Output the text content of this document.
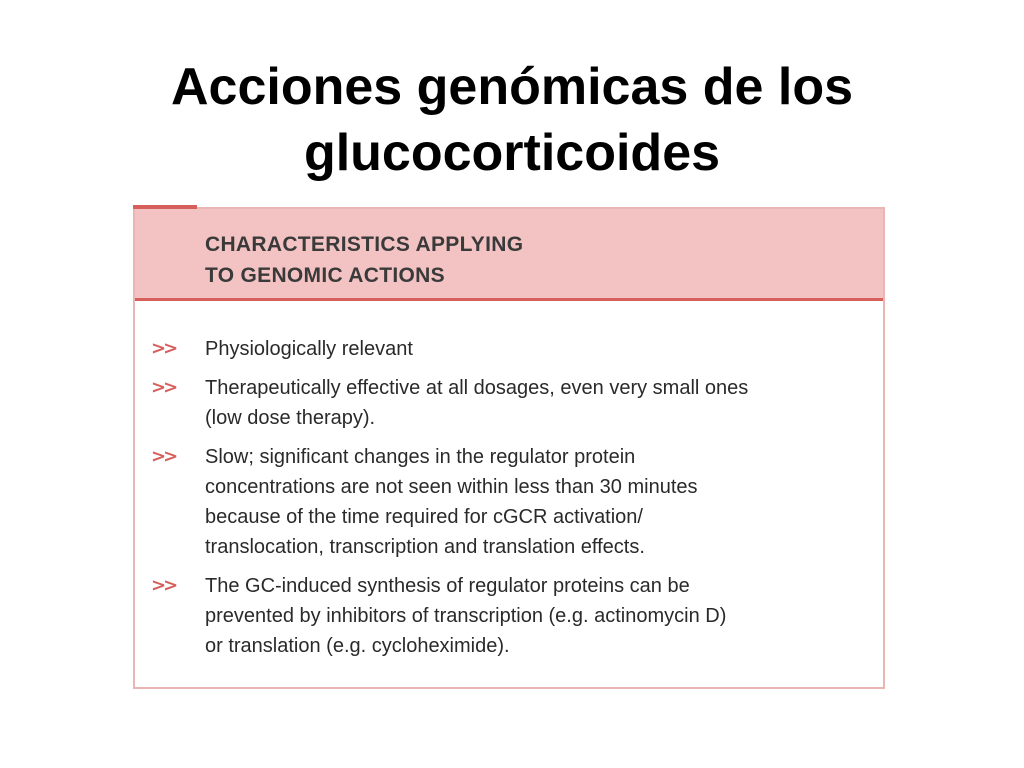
Acciones genómicas de los
glucocorticoides
CHARACTERISTICS APPLYING
TO GENOMIC ACTIONS
>> Physiologically relevant
>> Therapeutically effective at all dosages, even very small ones
(low dose therapy).
>> Slow; significant changes in the regulator protein
concentrations are not seen within less than 30 minutes
because of the time required for cGCR activation/
translocation, transcription and translation effects.
>> The GC-induced synthesis of regulator proteins can be
prevented by inhibitors of transcription (e.g. actinomycin D)
or translation (e.g. cycloheximide).
